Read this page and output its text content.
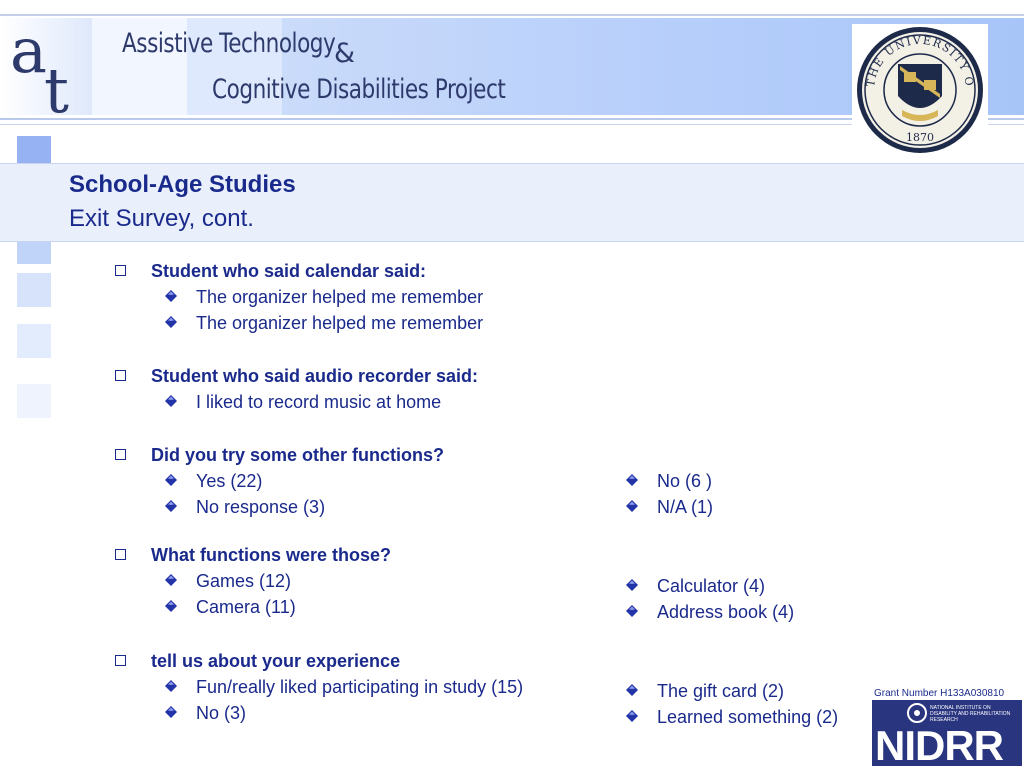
a
t
Assistive Technology
&
Cognitive Disabilities Project	THE UNIVERSITY O
1870
School-Age Studies
Exit Survey, cont.
Student who said calendar said:
The organizer helped me remember
The organizer helped me remember
Student who said audio recorder said:
I liked to record music at home
Did you try some other functions?
Yes (22)
No response (3)
No (6 )
N/A (1)
What functions were those?
Games (12)
Camera (11)
Calculator (4)
Address book (4)
tell us about your experience
Fun/really liked participating in study (15)
No (3)
The gift card (2)
Learned something (2)
Grant Number H133A030810
NATIONAL INSTITUTE ON DISABILITY AND REHABILITATION RESEARCH
NIDRR
